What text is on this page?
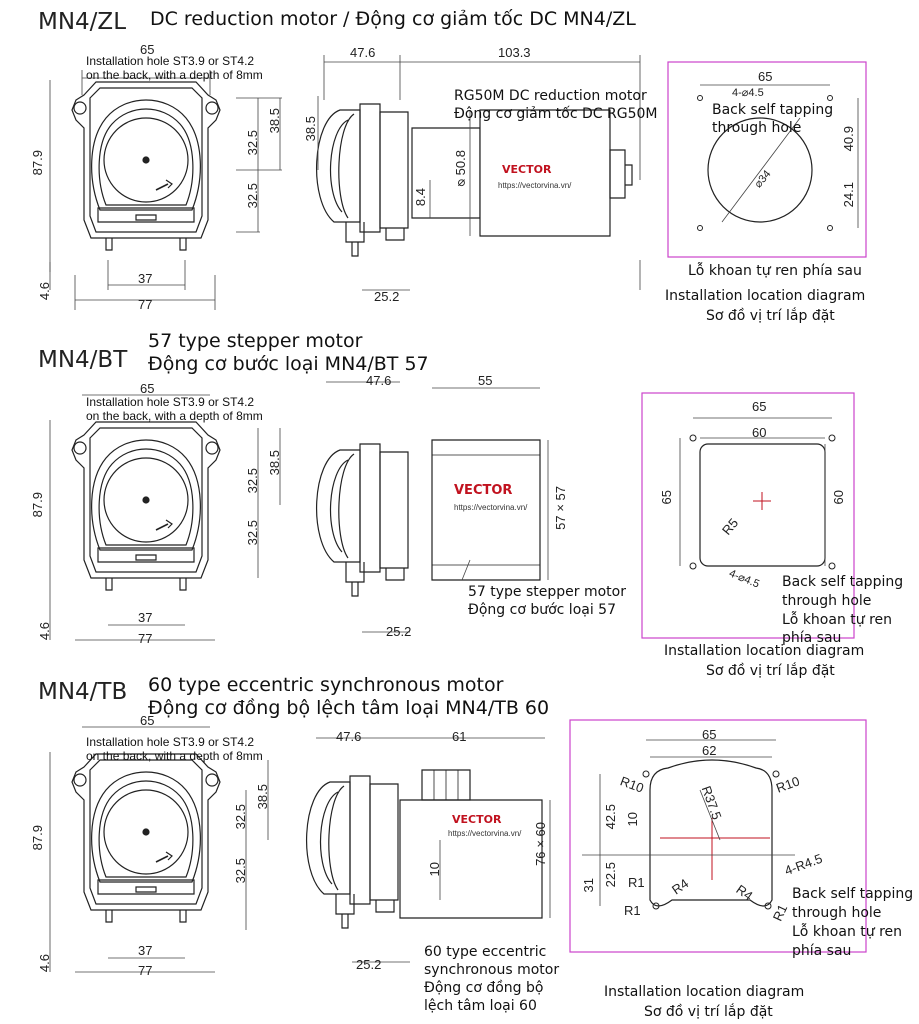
MN4/ZL DC reduction motor / Động cơ giảm tốc DC MN4/ZL
65
Installation hole ST3.9 or ST4.2
on the back, with a depth of 8mm
87.9
38.5
32.5
32.5
4.6
37
77
47.6	103.3
38.5
⌀50.8
8.4
25.2
RG50M DC reduction motor
Động cơ giảm tốc DC RG50M
VECTOR
https://vectorvina.vn/
65
4-⌀4.5
Back self tapping
through hole	40.9
24.1
⌀34
Lỗ khoan tự ren phía sau
Installation location diagram
Sơ đồ vị trí lắp đặt
57 type stepper motor
MN4/BT Động cơ bước loại MN4/BT 57
65
Installation hole ST3.9 or ST4.2
on the back, with a depth of 8mm
87.9
38.5
32.5
32.5
4.6
37
77
47.6	55
57×57
VECTOR
https://vectorvina.vn/
57 type stepper motor
Động cơ bước loại 57
25.2
65
60
65	60
R5
4-⌀4.5 Back self tapping
through hole
Lỗ khoan tự ren
phía sau
Installation location diagram
Sơ đồ vị trí lắp đặt
60 type eccentric synchronous motor
MN4/TB
Động cơ đồng bộ lệch tâm loại MN4/TB 60
65
Installation hole ST3.9 or ST4.2
on the back, with a depth of 8mm
87.9
38.5
32.5
32.5
4.6
37
77
47.6	61
76×60
10
VECTOR
https://vectorvina.vn/
25.2
60 type eccentric
synchronous motor
Động cơ đồng bộ
lệch tâm loại 60
65
62
R10	R10
R37.5
42.5 10
22.5
31 R1 R4
R1
R4
R1
4-R4.5
Back self tapping
through hole
Lỗ khoan tự ren
phía sau
Installation location diagram
Sơ đồ vị trí lắp đặt
